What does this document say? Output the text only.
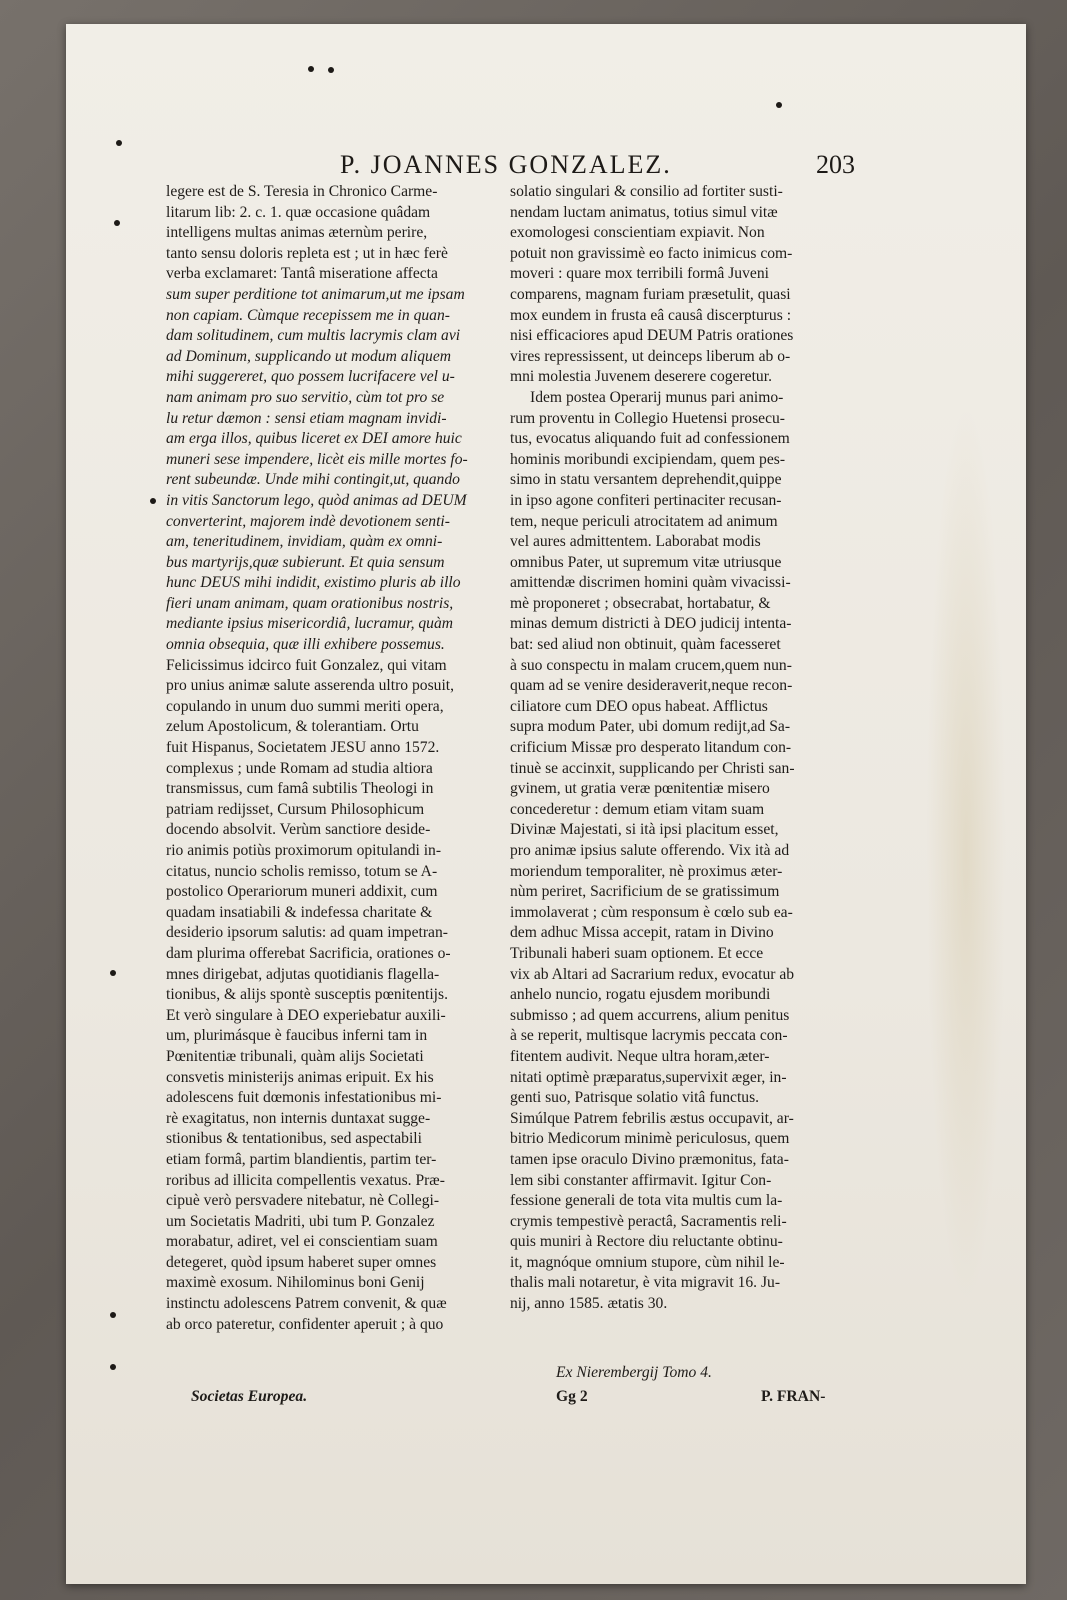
P. JOANNES GONZALEZ.	203
legere est de S. Teresia in Chronico Carme-
litarum lib: 2. c. 1. quæ occasione quâdam
intelligens multas animas æternùm perire,
tanto sensu doloris repleta est ; ut in hæc ferè
verba exclamaret: Tantâ miseratione affecta
sum super perditione tot animarum,ut me ipsam
non capiam. Cùmque recepissem me in quan-
dam solitudinem, cum multis lacrymis clam avi
ad Dominum, supplicando ut modum aliquem
mihi suggereret, quo possem lucrifacere vel u-
nam animam pro suo servitio, cùm tot pro se
lu retur dæmon : sensi etiam magnam invidi-
am erga illos, quibus liceret ex DEI amore huic
muneri sese impendere, licèt eis mille mortes fo-
rent subeundæ. Unde mihi contingit,ut, quando
in vitis Sanctorum lego, quòd animas ad DEUM
converterint, majorem indè devotionem senti-
am, teneritudinem, invidiam, quàm ex omni-
bus martyrijs,quæ subierunt. Et quia sensum
hunc DEUS mihi indidit, existimo pluris ab illo
fieri unam animam, quam orationibus nostris,
mediante ipsius misericordiâ, lucramur, quàm
omnia obsequia, quæ illi exhibere possemus.
Felicissimus idcirco fuit Gonzalez, qui vitam
pro unius animæ salute asserenda ultro posuit,
copulando in unum duo summi meriti opera,
zelum Apostolicum, & tolerantiam. Ortu
fuit Hispanus, Societatem JESU anno 1572.
complexus ; unde Romam ad studia altiora
transmissus, cum famâ subtilis Theologi in
patriam redijsset, Cursum Philosophicum
docendo absolvit. Verùm sanctiore deside-
rio animis potiùs proximorum opitulandi in-
citatus, nuncio scholis remisso, totum se A-
postolico Operariorum muneri addixit, cum
quadam insatiabili & indefessa charitate &
desiderio ipsorum salutis: ad quam impetran-
dam plurima offerebat Sacrificia, orationes o-
mnes dirigebat, adjutas quotidianis flagella-
tionibus, & alijs spontè susceptis pœnitentijs.
Et verò singulare à DEO experiebatur auxili-
um, plurimásque è faucibus inferni tam in
Pœnitentiæ tribunali, quàm alijs Societati
consvetis ministerijs animas eripuit. Ex his
adolescens fuit dœmonis infestationibus mi-
rè exagitatus, non internis duntaxat sugge-
stionibus & tentationibus, sed aspectabili
etiam formâ, partim blandientis, partim ter-
roribus ad illicita compellentis vexatus. Præ-
cipuè verò persvadere nitebatur, nè Collegi-
um Societatis Madriti, ubi tum P. Gonzalez
morabatur, adiret, vel ei conscientiam suam
detegeret, quòd ipsum haberet super omnes
maximè exosum. Nihilominus boni Genij
instinctu adolescens Patrem convenit, & quæ
ab orco pateretur, confidenter aperuit ; à quo
solatio singulari & consilio ad fortiter susti-
nendam luctam animatus, totius simul vitæ
exomologesi conscientiam expiavit. Non
potuit non gravissimè eo facto inimicus com-
moveri : quare mox terribili formâ Juveni
comparens, magnam furiam præsetulit, quasi
mox eundem in frusta eâ causâ discerpturus :
nisi efficaciores apud DEUM Patris orationes
vires repressissent, ut deinceps liberum ab o-
mni molestia Juvenem deserere cogeretur.
Idem postea Operarij munus pari animo-
rum proventu in Collegio Huetensi prosecu-
tus, evocatus aliquando fuit ad confessionem
hominis moribundi excipiendam, quem pes-
simo in statu versantem deprehendit,quippe
in ipso agone confiteri pertinaciter recusan-
tem, neque periculi atrocitatem ad animum
vel aures admittentem. Laborabat modis
omnibus Pater, ut supremum vitæ utriusque
amittendæ discrimen homini quàm vivacissi-
mè proponeret ; obsecrabat, hortabatur, &
minas demum districti à DEO judicij intenta-
bat: sed aliud non obtinuit, quàm facesseret
à suo conspectu in malam crucem,quem nun-
quam ad se venire desideraverit,neque recon-
ciliatore cum DEO opus habeat. Afflictus
supra modum Pater, ubi domum redijt,ad Sa-
crificium Missæ pro desperato litandum con-
tinuè se accinxit, supplicando per Christi san-
gvinem, ut gratia veræ pœnitentiæ misero
concederetur : demum etiam vitam suam
Divinæ Majestati, si ità ipsi placitum esset,
pro animæ ipsius salute offerendo. Vix ità ad
moriendum temporaliter, nè proximus æter-
nùm periret, Sacrificium de se gratissimum
immolaverat ; cùm responsum è cœlo sub ea-
dem adhuc Missa accepit, ratam in Divino
Tribunali haberi suam optionem. Et ecce
vix ab Altari ad Sacrarium redux, evocatur ab
anhelo nuncio, rogatu ejusdem moribundi
submisso ; ad quem accurrens, alium penitus
à se reperit, multisque lacrymis peccata con-
fitentem audivit. Neque ultra horam,æter-
nitati optimè præparatus,supervixit æger, in-
genti suo, Patrisque solatio vitâ functus.
Simúlque Patrem febrilis æstus occupavit, ar-
bitrio Medicorum minimè periculosus, quem
tamen ipse oraculo Divino præmonitus, fata-
lem sibi constanter affirmavit. Igitur Con-
fessione generali de tota vita multis cum la-
crymis tempestivè peractâ, Sacramentis reli-
quis muniri à Rectore diu reluctante obtinu-
it, magnóque omnium stupore, cùm nihil le-
thalis mali notaretur, è vita migravit 16. Ju-
nij, anno 1585. ætatis 30.
Ex Nierembergij Tomo 4.
Societas Europea.	Gg 2	P. FRAN-
